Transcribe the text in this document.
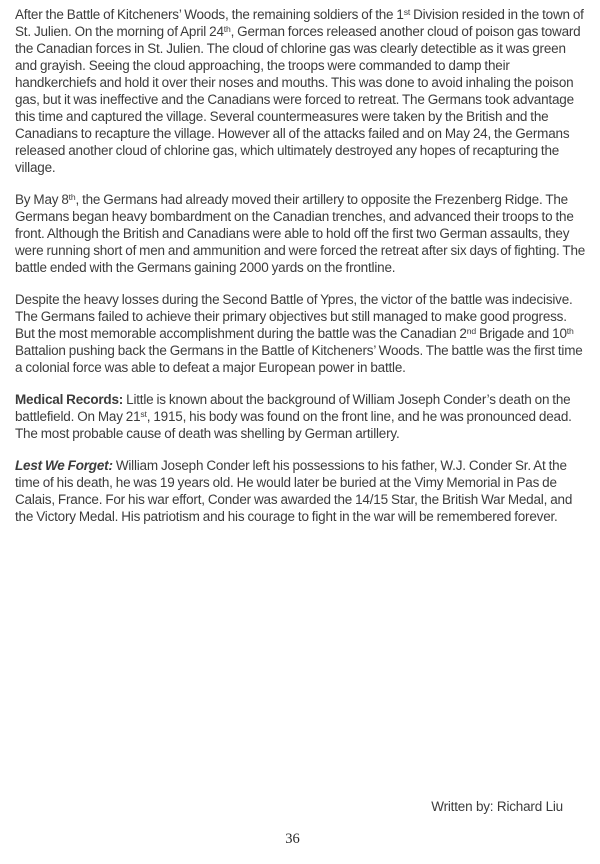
After the Battle of Kitcheners’ Woods, the remaining soldiers of the 1st Division resided in the town of St. Julien. On the morning of April 24th, German forces released another cloud of poison gas toward the Canadian forces in St. Julien. The cloud of chlorine gas was clearly detectible as it was green and grayish. Seeing the cloud approaching, the troops were commanded to damp their handkerchiefs and hold it over their noses and mouths. This was done to avoid inhaling the poison gas, but it was ineffective and the Canadians were forced to retreat. The Germans took advantage this time and captured the village. Several countermeasures were taken by the British and the Canadians to recapture the village. However all of the attacks failed and on May 24, the Germans released another cloud of chlorine gas, which ultimately destroyed any hopes of recapturing the village.

By May 8th, the Germans had already moved their artillery to opposite the Frezenberg Ridge. The Germans began heavy bombardment on the Canadian trenches, and advanced their troops to the front. Although the British and Canadians were able to hold off the first two German assaults, they were running short of men and ammunition and were forced the retreat after six days of fighting. The battle ended with the Germans gaining 2000 yards on the frontline.

Despite the heavy losses during the Second Battle of Ypres, the victor of the battle was indecisive. The Germans failed to achieve their primary objectives but still managed to make good progress. But the most memorable accomplishment during the battle was the Canadian 2nd Brigade and 10th Battalion pushing back the Germans in the Battle of Kitcheners’ Woods. The battle was the first time a colonial force was able to defeat a major European power in battle.

Medical Records: Little is known about the background of William Joseph Conder’s death on the battlefield. On May 21st, 1915, his body was found on the front line, and he was pronounced dead. The most probable cause of death was shelling by German artillery.

Lest We Forget: William Joseph Conder left his possessions to his father, W.J. Conder Sr. At the time of his death, he was 19 years old. He would later be buried at the Vimy Memorial in Pas de Calais, France. For his war effort, Conder was awarded the 14/15 Star, the British War Medal, and the Victory Medal. His patriotism and his courage to fight in the war will be remembered forever.

Written by: Richard Liu
36
